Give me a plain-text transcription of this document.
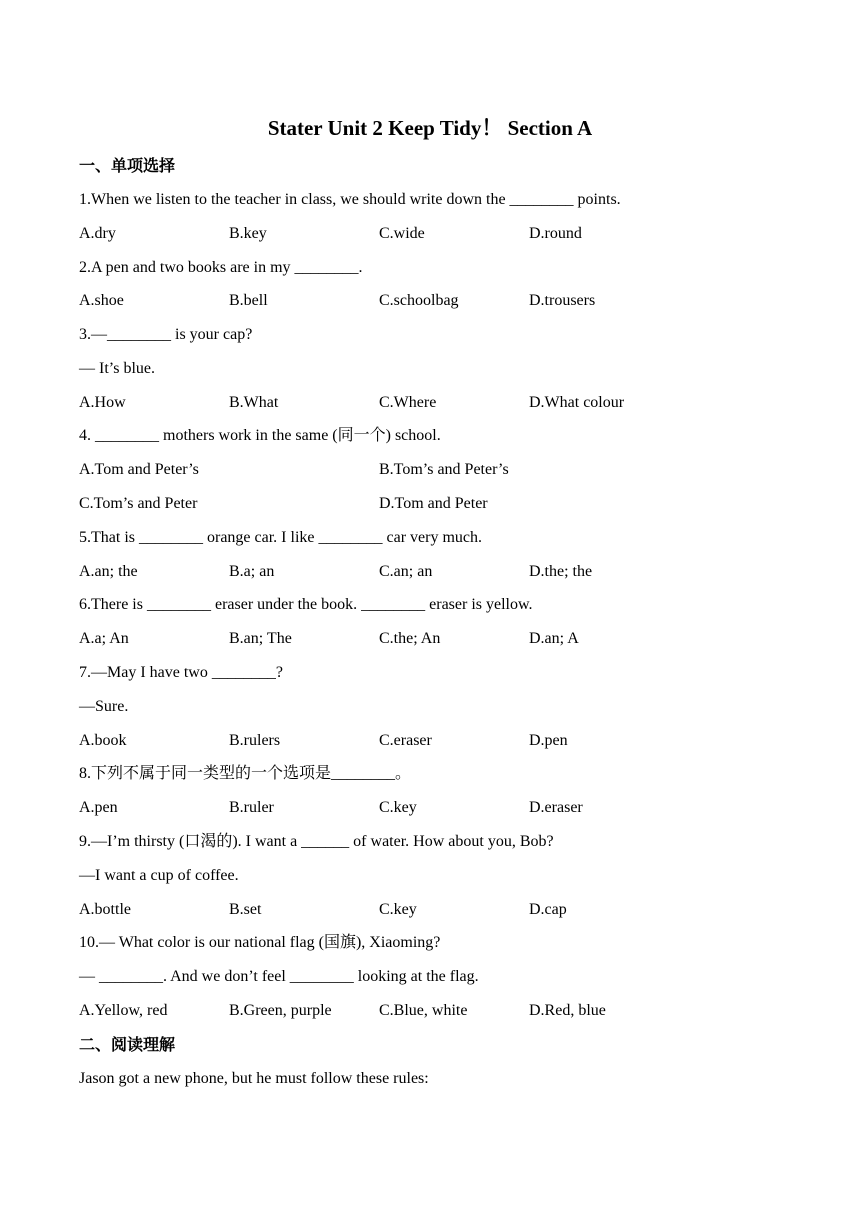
Stater Unit 2 Keep Tidy！ Section A
一、单项选择
1.When we listen to the teacher in class, we should write down the ________ points.
A.dry	B.key	C.wide	D.round
2.A pen and two books are in my ________.
A.shoe	B.bell	C.schoolbag	D.trousers
3.—________ is your cap?
— It’s blue.
A.How	B.What	C.Where	D.What colour
4. ________ mothers work in the same (同一个) school.
A.Tom and Peter’s	B.Tom’s and Peter’s
C.Tom’s and Peter	D.Tom and Peter
5.That is ________ orange car. I like ________ car very much.
A.an; the	B.a; an	C.an; an	D.the; the
6.There is ________ eraser under the book. ________ eraser is yellow.
A.a; An	B.an; The	C.the; An	D.an; A
7.—May I have two ________?
—Sure.
A.book	B.rulers	C.eraser	D.pen
8.下列不属于同一类型的一个选项是________。
A.pen	B.ruler	C.key	D.eraser
9.—I’m thirsty (口渴的). I want a ______ of water. How about you, Bob?
—I want a cup of coffee.
A.bottle	B.set	C.key	D.cap
10.— What color is our national flag (国旗), Xiaoming?
— ________. And we don’t feel ________ looking at the flag.
A.Yellow, red	B.Green, purple	C.Blue, white	D.Red, blue
二、阅读理解
Jason got a new phone, but he must follow these rules:
